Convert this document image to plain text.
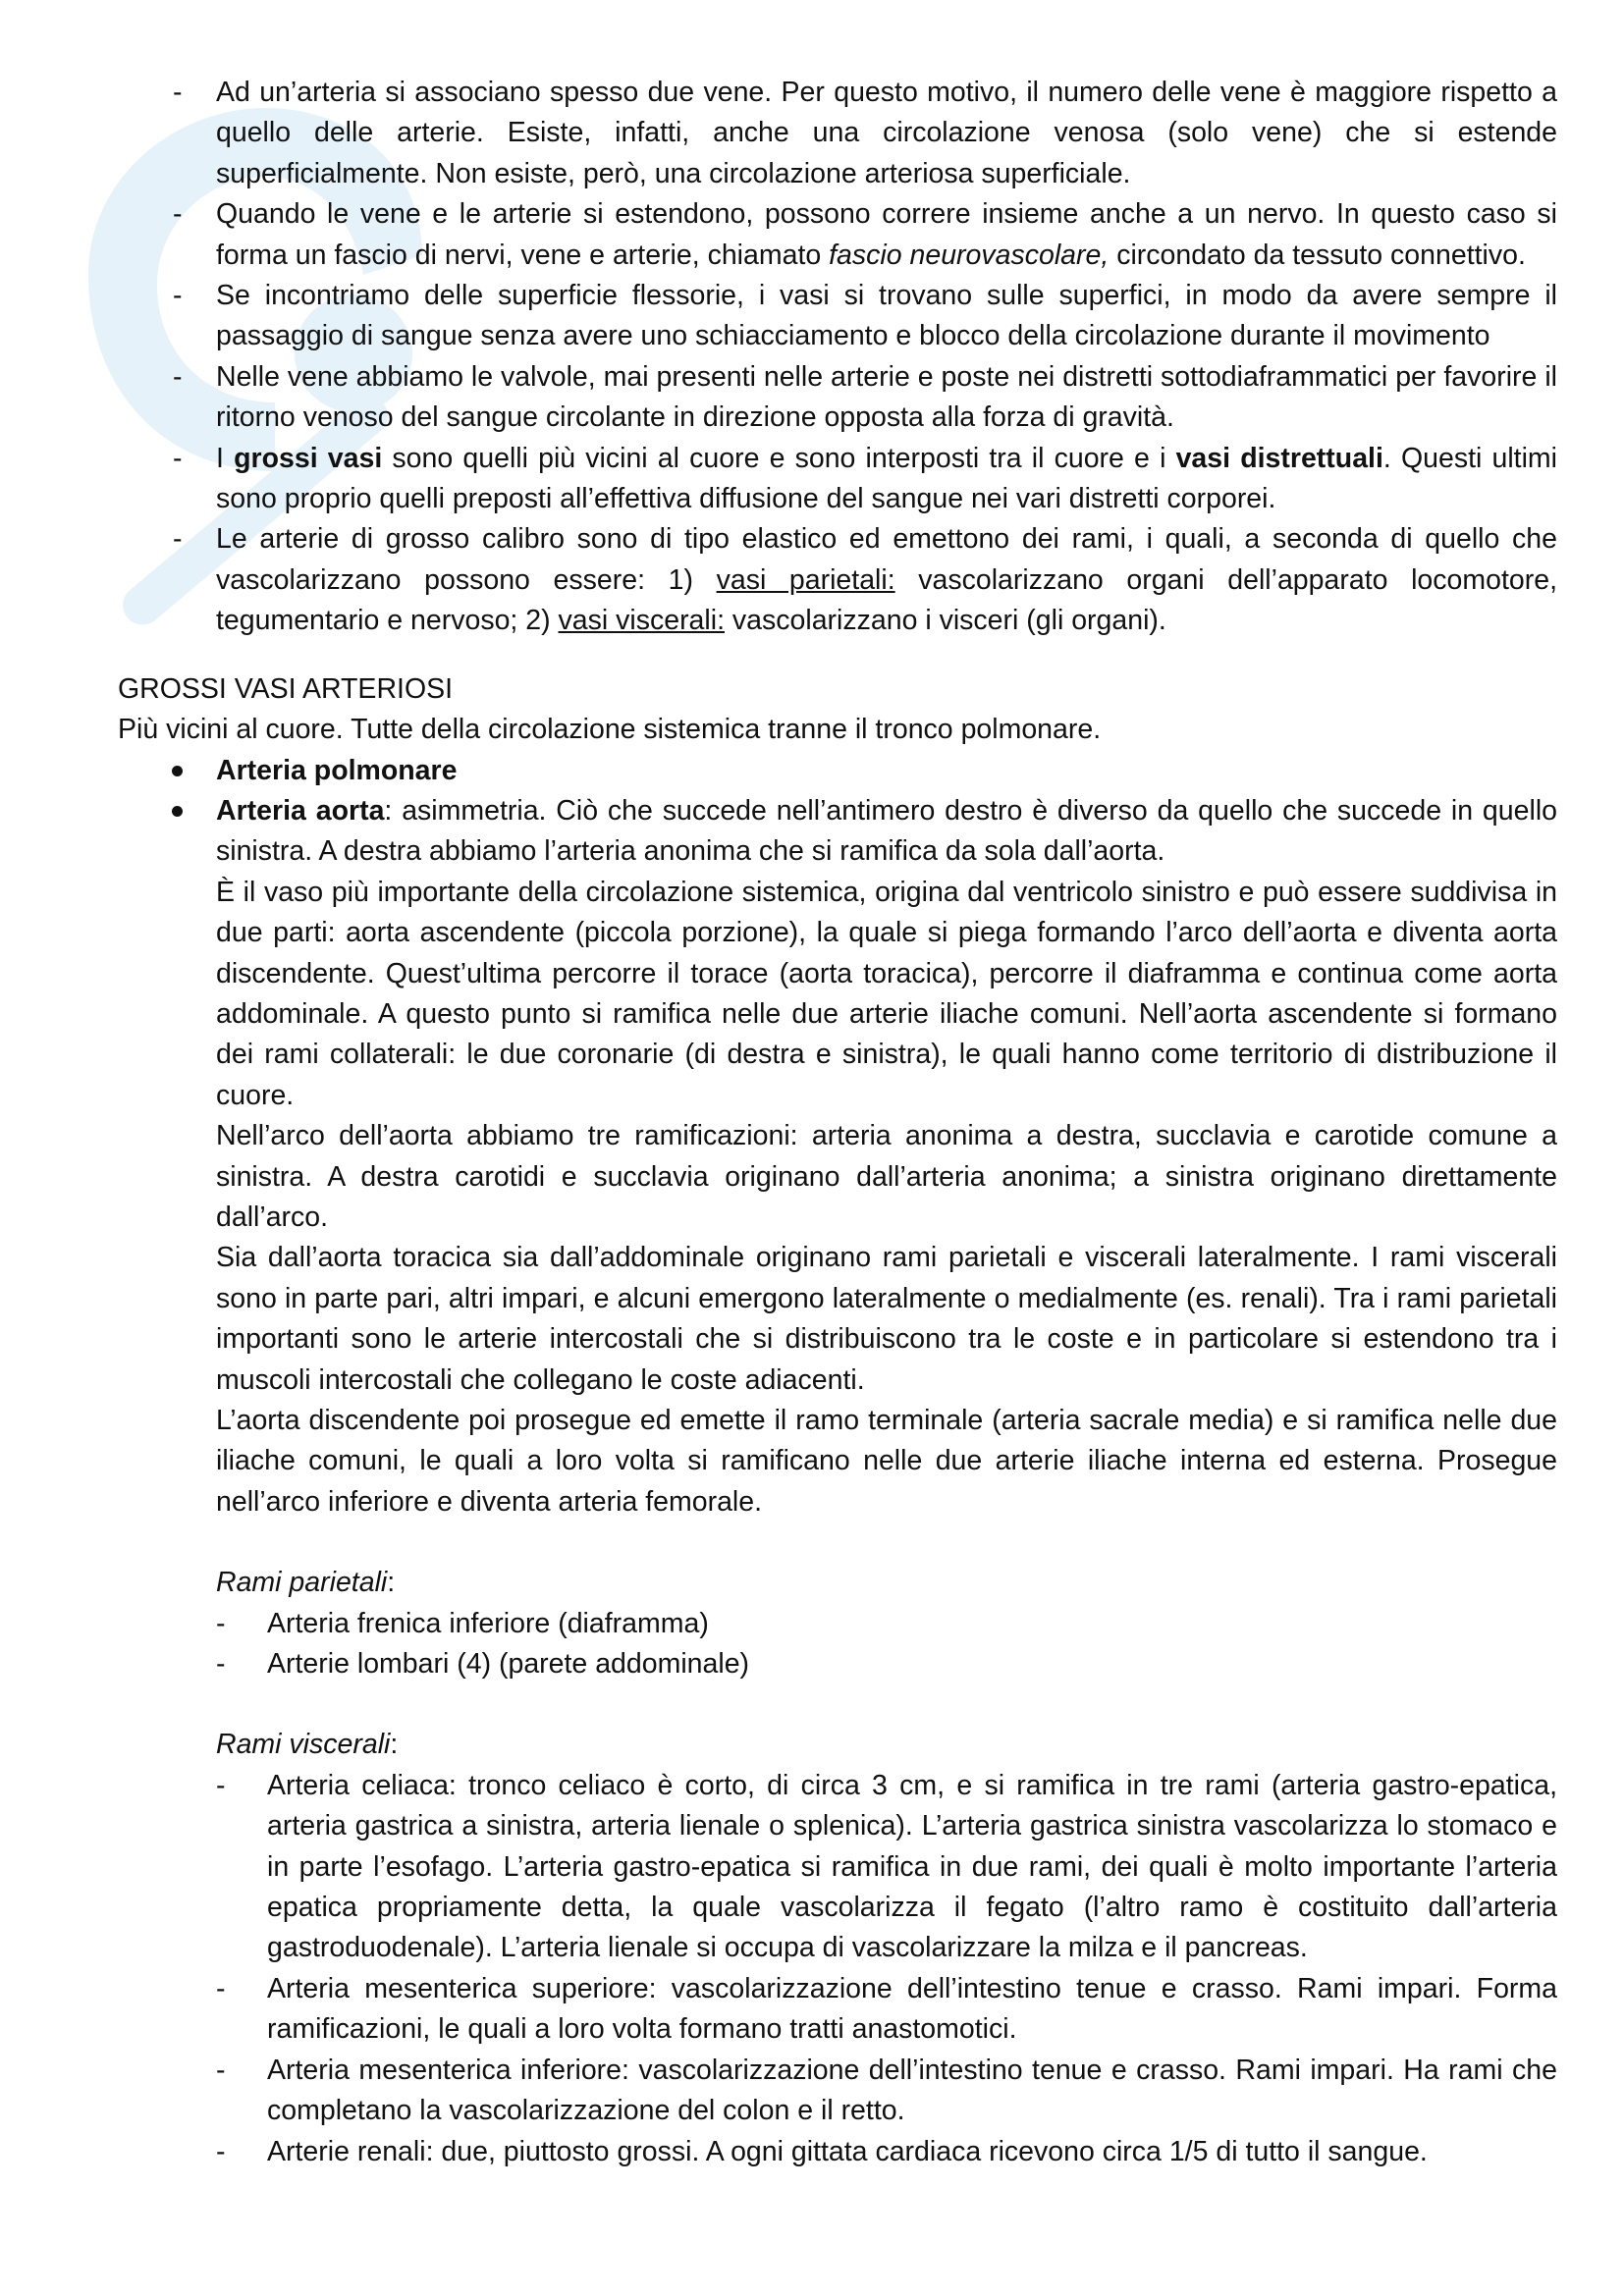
- Ad un’arteria si associano spesso due vene. Per questo motivo, il numero delle vene è maggiore rispetto a quello delle arterie. Esiste, infatti, anche una circolazione venosa (solo vene) che si estende superficialmente. Non esiste, però, una circolazione arteriosa superficiale.
- Quando le vene e le arterie si estendono, possono correre insieme anche a un nervo. In questo caso si forma un fascio di nervi, vene e arterie, chiamato fascio neurovascolare, circondato da tessuto connettivo.
- Se incontriamo delle superficie flessorie, i vasi si trovano sulle superfici, in modo da avere sempre il passaggio di sangue senza avere uno schiacciamento e blocco della circolazione durante il movimento
- Nelle vene abbiamo le valvole, mai presenti nelle arterie e poste nei distretti sottodiaframmatici per favorire il ritorno venoso del sangue circolante in direzione opposta alla forza di gravità.
- I grossi vasi sono quelli più vicini al cuore e sono interposti tra il cuore e i vasi distrettuali. Questi ultimi sono proprio quelli preposti all’effettiva diffusione del sangue nei vari distretti corporei.
- Le arterie di grosso calibro sono di tipo elastico ed emettono dei rami, i quali, a seconda di quello che vascolarizzano possono essere: 1) vasi parietali: vascolarizzano organi dell’apparato locomotore, tegumentario e nervoso; 2) vasi viscerali: vascolarizzano i visceri (gli organi).

GROSSI VASI ARTERIOSI

Più vicini al cuore. Tutte della circolazione sistemica tranne il tronco polmonare.

Arteria polmonare
Arteria aorta: asimmetria. Ciò che succede nell’antimero destro è diverso da quello che succede in quello sinistra. A destra abbiamo l’arteria anonima che si ramifica da sola dall’aorta.

È il vaso più importante della circolazione sistemica, origina dal ventricolo sinistro e può essere suddivisa in due parti: aorta ascendente (piccola porzione), la quale si piega formando l’arco dell’aorta e diventa aorta discendente. Quest’ultima percorre il torace (aorta toracica), percorre il diaframma e continua come aorta addominale. A questo punto si ramifica nelle due arterie iliache comuni. Nell’aorta ascendente si formano dei rami collaterali: le due coronarie (di destra e sinistra), le quali hanno come territorio di distribuzione il cuore.

Nell’arco dell’aorta abbiamo tre ramificazioni: arteria anonima a destra, succlavia e carotide comune a sinistra. A destra carotidi e succlavia originano dall’arteria anonima; a sinistra originano direttamente dall’arco.

Sia dall’aorta toracica sia dall’addominale originano rami parietali e viscerali lateralmente. I rami viscerali sono in parte pari, altri impari, e alcuni emergono lateralmente o medialmente (es. renali). Tra i rami parietali importanti sono le arterie intercostali che si distribuiscono tra le coste e in particolare si estendono tra i muscoli intercostali che collegano le coste adiacenti.

L’aorta discendente poi prosegue ed emette il ramo terminale (arteria sacrale media) e si ramifica nelle due iliache comuni, le quali a loro volta si ramificano nelle due arterie iliache interna ed esterna. Prosegue nell’arco inferiore e diventa arteria femorale.

Rami parietali:

- Arteria frenica inferiore (diaframma)
- Arterie lombari (4) (parete addominale)

Rami viscerali:

- Arteria celiaca: tronco celiaco è corto, di circa 3 cm, e si ramifica in tre rami (arteria gastro-epatica, arteria gastrica a sinistra, arteria lienale o splenica). L’arteria gastrica sinistra vascolarizza lo stomaco e in parte l’esofago. L’arteria gastro-epatica si ramifica in due rami, dei quali è molto importante l’arteria epatica propriamente detta, la quale vascolarizza il fegato (l’altro ramo è costituito dall’arteria gastroduodenale). L’arteria lienale si occupa di vascolarizzare la milza e il pancreas.
- Arteria mesenterica superiore: vascolarizzazione dell’intestino tenue e crasso. Rami impari. Forma ramificazioni, le quali a loro volta formano tratti anastomotici.
- Arteria mesenterica inferiore: vascolarizzazione dell’intestino tenue e crasso. Rami impari. Ha rami che completano la vascolarizzazione del colon e il retto.
- Arterie renali: due, piuttosto grossi. A ogni gittata cardiaca ricevono circa 1/5 di tutto il sangue.
